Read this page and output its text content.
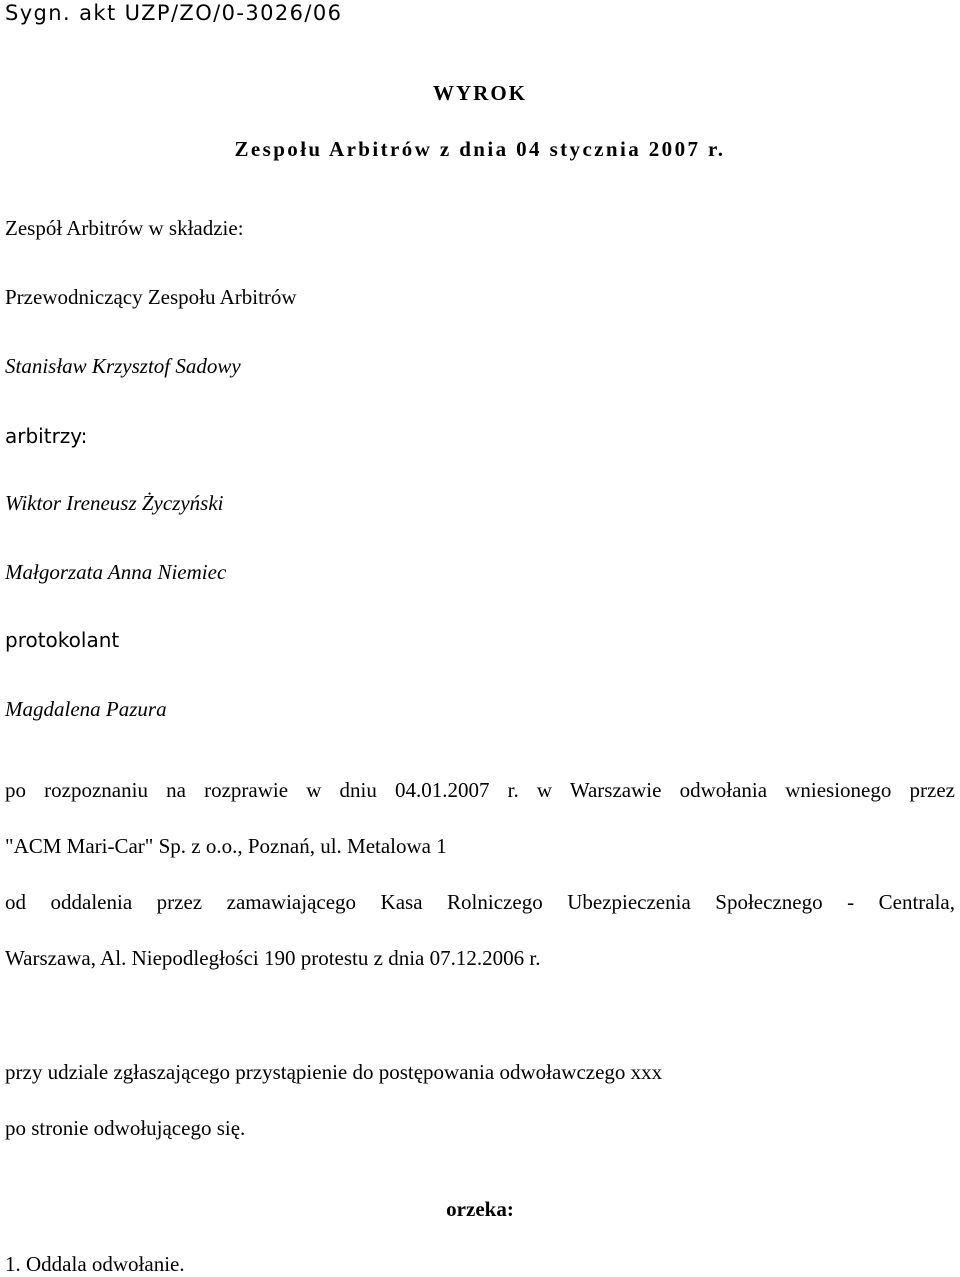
Sygn. akt UZP/ZO/0-3026/06
WYROK
Zespołu Arbitrów z dnia 04 stycznia 2007 r.
Zespół Arbitrów w składzie:
Przewodniczący Zespołu Arbitrów
Stanisław Krzysztof Sadowy
arbitrzy:
Wiktor Ireneusz Życzyński
Małgorzata Anna Niemiec
protokolant
Magdalena Pazura
po rozpoznaniu na rozprawie w dniu 04.01.2007 r. w Warszawie odwołania wniesionego przez
"ACM Mari-Car" Sp. z o.o., Poznań, ul. Metalowa 1
od oddalenia przez zamawiającego Kasa Rolniczego Ubezpieczenia Społecznego - Centrala,
Warszawa, Al. Niepodległości 190 protestu z dnia 07.12.2006 r.
przy udziale zgłaszającego przystąpienie do postępowania odwoławczego xxx
po stronie odwołującego się.
orzeka:
1. Oddala odwołanie.
